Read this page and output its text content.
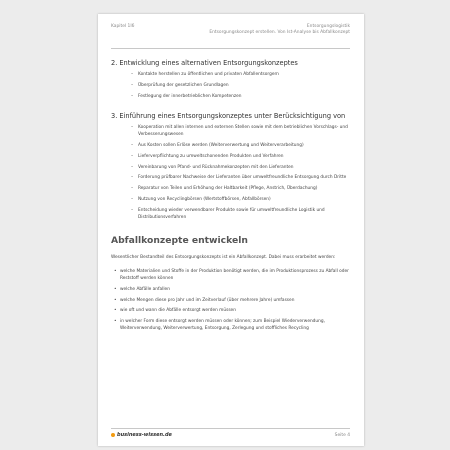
Kapitel 1I6	Entsorgungslogistik
Entsorgungskonzept erstellen. Von Ist-Analyse bis Abfallkonzept
2. Entwicklung eines alternativen Entsorgungskonzeptes
– Kontakte herstellen zu öffentlichen und privaten Abfallentsorgern
– Überprüfung der gesetzlichen Grundlagen
– Festlegung der innerbetrieblichen Kompetenzen
3. Einführung eines Entsorgungskonzeptes unter Berücksichtigung von
– Kooperation mit allen internen und externen Stellen sowie mit dem betrieblichen Vorschlags- und Verbesserungswesen
– Aus Kosten sollen Erlöse werden (Weiterverwertung und Weiterverarbeitung)
– Lieferverpflichtung zu umweltschonenden Produkten und Verfahren
– Vereinbarung von Pfand- und Rücknahmekonzepten mit den Lieferanten
– Forderung prüfbarer Nachweise der Lieferanten über umweltfreundliche Entsorgung durch Dritte
– Reparatur von Teilen und Erhöhung der Haltbarkeit (Pflege, Anstrich, Überdachung)
– Nutzung von Recyclingbörsen (Wertstoffbörsen, Abfallbörsen)
– Entscheidung wieder verwendbarer Produkte sowie für umweltfreundliche Logistik und Distributionsverfahren
Abfallkonzepte entwickeln

Wesentlicher Bestandteil des Entsorgungskonzepts ist ein Abfallkonzept. Dabei muss erarbeitet werden:

• welche Materialien und Stoffe in der Produktion benötigt werden, die im Produktionsprozess zu Abfall oder Reststoff werden können
• welche Abfälle anfallen
• welche Mengen diese pro Jahr und im Zeitverlauf (über mehrere Jahre) umfassen
• wie oft und wann die Abfälle entsorgt werden müssen
• in welcher Form diese entsorgt werden müssen oder können; zum Beispiel Wiederverwendung, Weiterverwendung, Weiterverwertung, Entsorgung, Zerlegung und stoffliches Recycling
business-wissen.de	Seite 4
